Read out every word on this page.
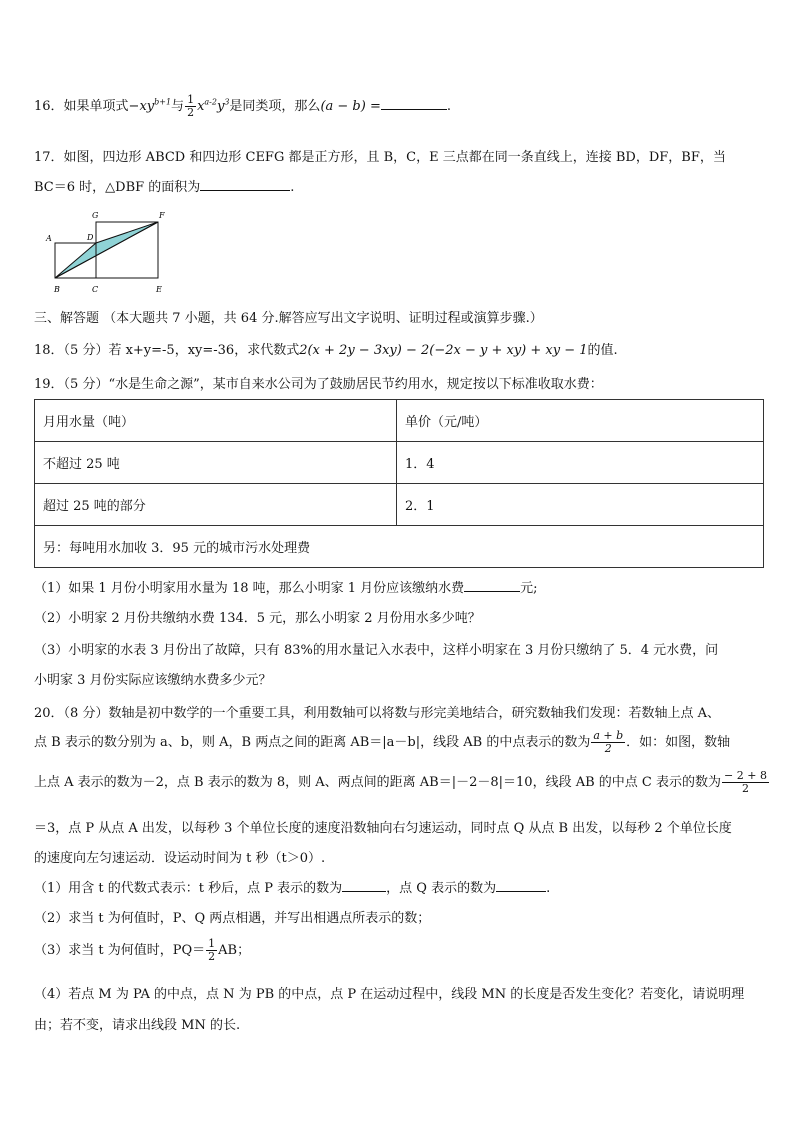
16．如果单项式$-xy^{b+1}$与 $\frac{1}{2} x^{a-2}y^3$是同类项，那么(a − b) =	.
17．如图，四边形 ABCD 和四边形 CEFG 都是正方形，且 B，C，E 三点都在同一条直线上，连接 BD，DF，BF，当
BC＝6 时，△DBF 的面积为	.
G	F
A	D
B	C	E
三、解答题 （本大题共 7 小题，共 64 分.解答应写出文字说明、证明过程或演算步骤.）
18．（5 分）若 x+y=-5，xy=-36，求代数式2(x + 2y − 3xy) − 2(−2x − y + xy) + xy − 1的值.
19．（5 分）“水是生命之源”，某市自来水公司为了鼓励居民节约用水，规定按以下标准收取水费：
月用水量（吨）	单价（元/吨）
不超过 25 吨	1．4
超过 25 吨的部分	2．1
另：每吨用水加收 3．95 元的城市污水处理费	
（1）如果 1 月份小明家用水量为 18 吨，那么小明家 1 月份应该缴纳水费	元;
（2）小明家 2 月份共缴纳水费 134．5 元，那么小明家 2 月份用水多少吨？
（3）小明家的水表 3 月份出了故障，只有 83%的用水量记入水表中，这样小明家在 3 月份只缴纳了 5．4 元水费，问
小明家 3 月份实际应该缴纳水费多少元？
20．（8 分）数轴是初中数学的一个重要工具，利用数轴可以将数与形完美地结合，研究数轴我们发现：若数轴上点 A、
点 B 表示的数分别为 a、b，则 A，B 两点之间的距离 AB＝|a－b|，线段 AB 的中点表示的数为 $\frac{a + b}{2}$ ．如：如图，数轴
上点 A 表示的数为－2，点 B 表示的数为 8，则 A、两点间的距离 AB＝|－2－8|＝10，线段 AB 的中点 C 表示的数为 $\frac{- 2 + 8}{2}$
＝3，点 P 从点 A 出发，以每秒 3 个单位长度的速度沿数轴向右匀速运动，同时点 Q 从点 B 出发，以每秒 2 个单位长度
的速度向左匀速运动．设运动时间为 t 秒（t＞0）.
（1）用含 t 的代数式表示：t 秒后，点 P 表示的数为	，点 Q 表示的数为	.
（2）求当 t 为何值时，P、Q 两点相遇，并写出相遇点所表示的数；
（3）求当 t 为何值时，$PQ= \frac{1}{2}$ AB；
（4）若点 M 为 PA 的中点，点 N 为 PB 的中点，点 P 在运动过程中，线段 MN 的长度是否发生变化？若变化，请说明理
由；若不变，请求出线段 MN 的长.
